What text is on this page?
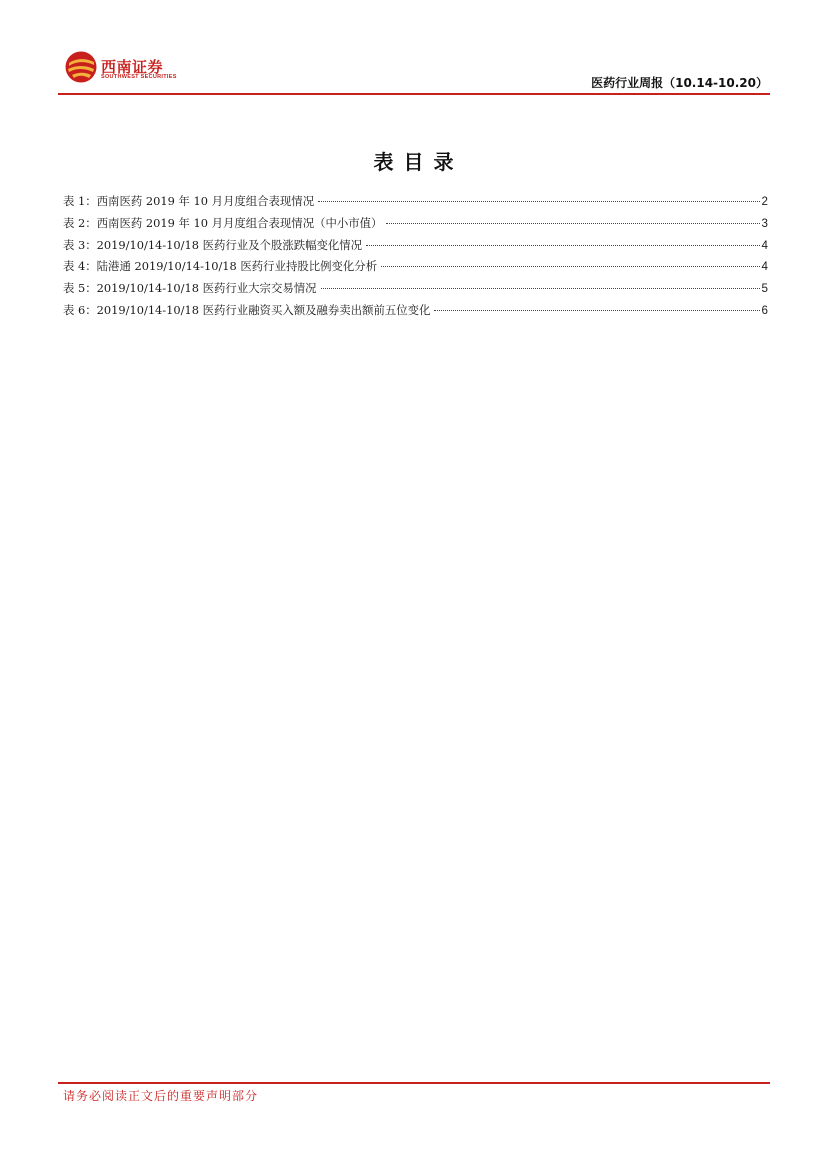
西南证券
SOUTHWEST SECURITIES	医药行业周报（10.14-10.20）
表目录
表 1：西南医药 2019 年 10 月月度组合表现情况	2
表 2：西南医药 2019 年 10 月月度组合表现情况（中小市值）	3
表 3：2019/10/14-10/18 医药行业及个股涨跌幅变化情况	4
表 4：陆港通 2019/10/14-10/18 医药行业持股比例变化分析	4
表 5：2019/10/14-10/18 医药行业大宗交易情况	5
表 6：2019/10/14-10/18 医药行业融资买入额及融券卖出额前五位变化	6
请务必阅读正文后的重要声明部分
